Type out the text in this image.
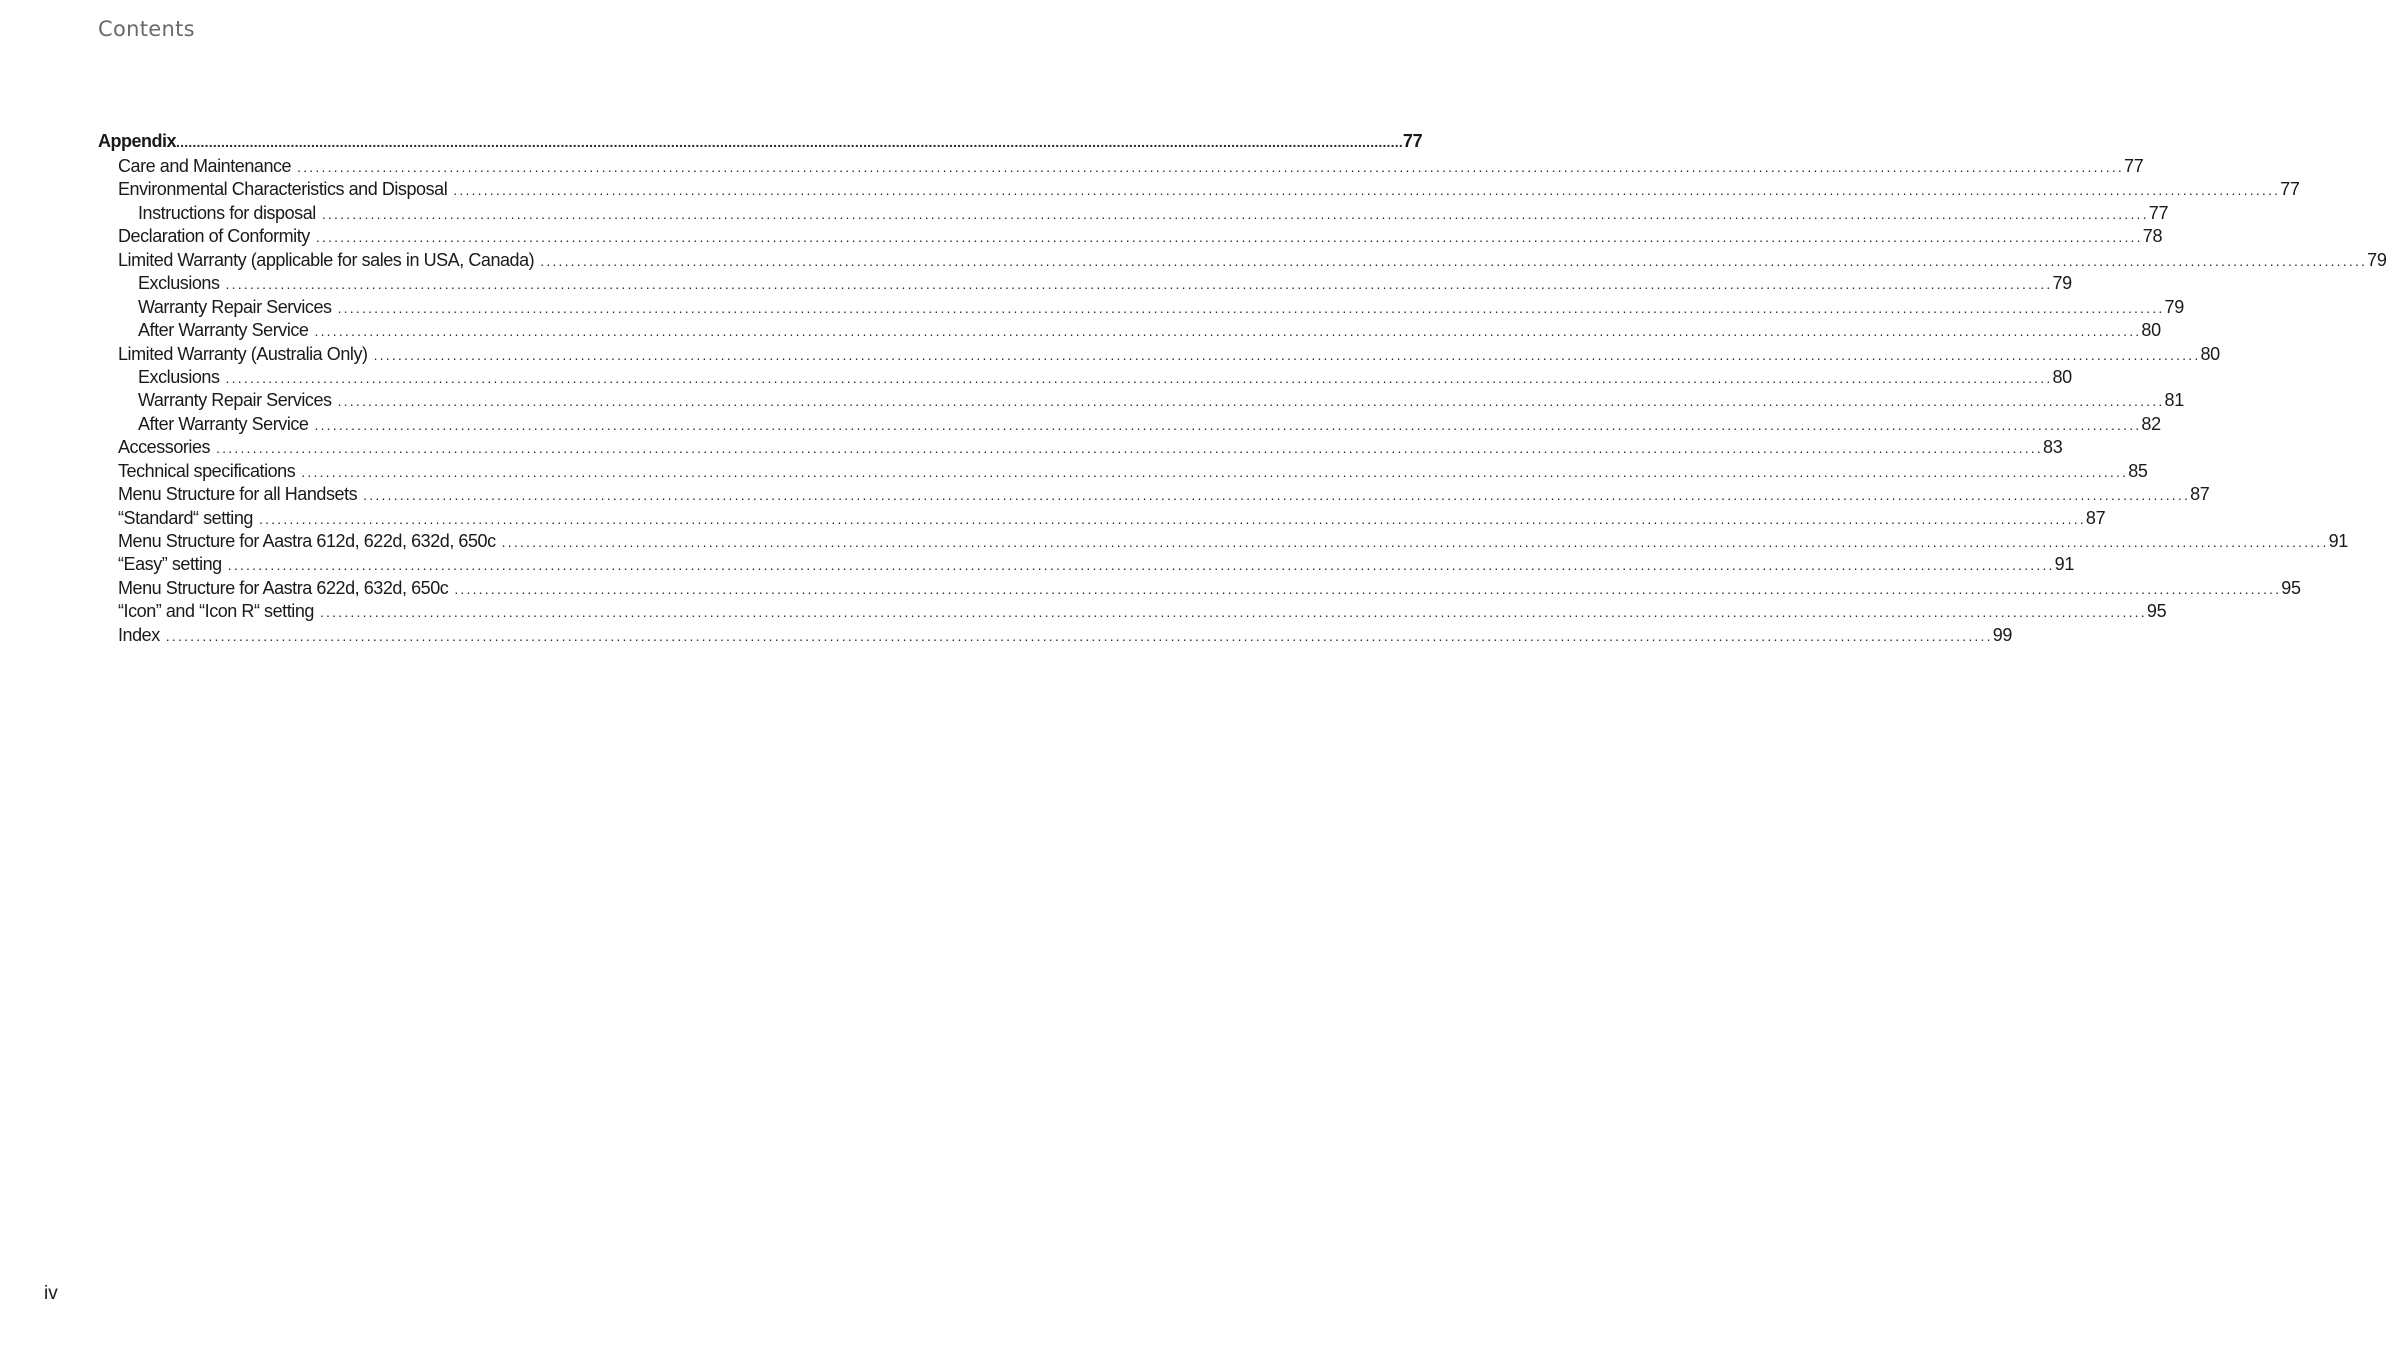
Contents
Appendix ............................................................................................................................................................................................................................................................................................................ 77
Care and Maintenance ............................................................................................................................................................................................................................................................................................................ 77
Environmental Characteristics and Disposal ............................................................................................................................................................................................................................................................................................................ 77
Instructions for disposal ............................................................................................................................................................................................................................................................................................................ 77
Declaration of Conformity ............................................................................................................................................................................................................................................................................................................ 78
Limited Warranty (applicable for sales in USA, Canada) ............................................................................................................................................................................................................................................................................................................ 79
Exclusions ............................................................................................................................................................................................................................................................................................................ 79
Warranty Repair Services ............................................................................................................................................................................................................................................................................................................ 79
After Warranty Service ............................................................................................................................................................................................................................................................................................................ 80
Limited Warranty (Australia Only) ............................................................................................................................................................................................................................................................................................................ 80
Exclusions ............................................................................................................................................................................................................................................................................................................ 80
Warranty Repair Services ............................................................................................................................................................................................................................................................................................................ 81
After Warranty Service ............................................................................................................................................................................................................................................................................................................ 82
Accessories ............................................................................................................................................................................................................................................................................................................ 83
Technical specifications ............................................................................................................................................................................................................................................................................................................ 85
Menu Structure for all Handsets ............................................................................................................................................................................................................................................................................................................ 87
“Standard“ setting ............................................................................................................................................................................................................................................................................................................ 87
Menu Structure for Aastra 612d, 622d, 632d, 650c ............................................................................................................................................................................................................................................................................................................ 91
“Easy” setting ............................................................................................................................................................................................................................................................................................................ 91
Menu Structure for Aastra 622d, 632d, 650c ............................................................................................................................................................................................................................................................................................................ 95
“Icon” and “Icon R“ setting ............................................................................................................................................................................................................................................................................................................ 95
Index ............................................................................................................................................................................................................................................................................................................ 99
iv
